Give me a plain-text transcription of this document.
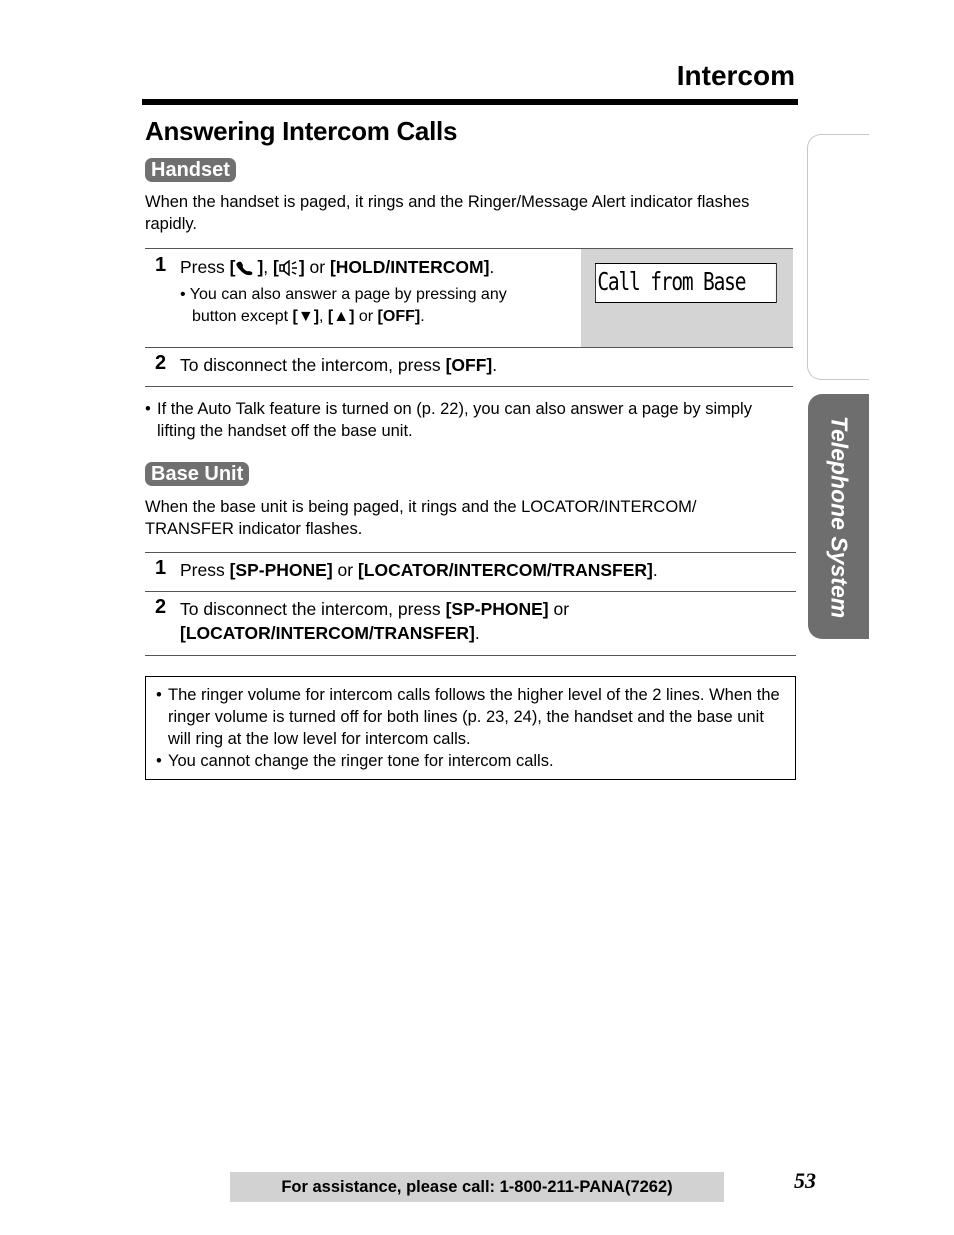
Intercom
Answering Intercom Calls
Handset
When the handset is paged, it rings and the Ringer/Message Alert indicator flashes rapidly.
Call from Base
1 Press [ ], [ ] or [HOLD/INTERCOM].
• You can also answer a page by pressing any
button except [▼], [▲] or [OFF].
2 To disconnect the intercom, press [OFF].
• If the Auto Talk feature is turned on (p. 22), you can also answer a page by simply lifting the handset off the base unit.
Base Unit
When the base unit is being paged, it rings and the LOCATOR/INTERCOM/ TRANSFER indicator flashes.
1 Press [SP-PHONE] or [LOCATOR/INTERCOM/TRANSFER].
2 To disconnect the intercom, press [SP-PHONE] or
[LOCATOR/INTERCOM/TRANSFER].
• The ringer volume for intercom calls follows the higher level of the 2 lines. When the ringer volume is turned off for both lines (p. 23, 24), the handset and the base unit will ring at the low level for intercom calls.
• You cannot change the ringer tone for intercom calls.
Telephone System
For assistance, please call: 1-800-211-PANA(7262)	53
